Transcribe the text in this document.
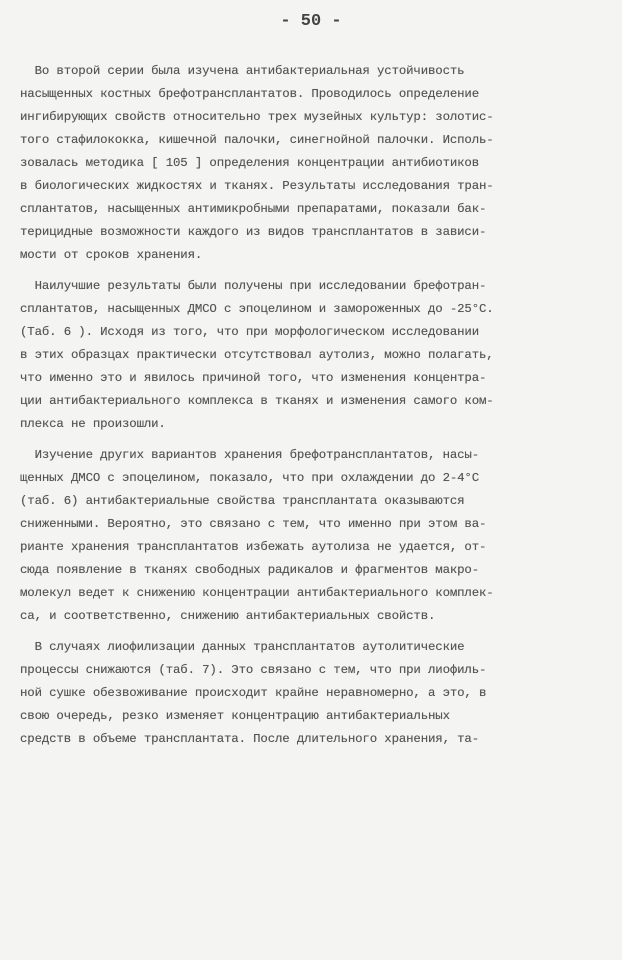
- 50 -
Во второй серии была изучена антибактериальная устойчивость
насыщенных костных брефотрансплантатов. Проводилось определение
ингибирующих свойств относительно трех музейных культур: золотис-
того стафилококка, кишечной палочки, синегнойной палочки. Исполь-
зовалась методика [ 105 ] определения концентрации антибиотиков
в биологических жидкостях и тканях. Результаты исследования тран-
сплантатов, насыщенных антимикробными препаратами, показали бак-
терицидные возможности каждого из видов трансплантатов в зависи-
мости от сроков хранения.
Наилучшие результаты были получены при исследовании брефотран-
сплантатов, насыщенных ДМСО с эпоцелином и замороженных до -25°С.
(Таб. 6 ). Исходя из того, что при морфологическом исследовании
в этих образцах практически отсутствовал аутолиз, можно полагать,
что именно это и явилось причиной того, что изменения концентра-
ции антибактериального комплекса в тканях и изменения самого ком-
плекса не произошли.
Изучение других вариантов хранения брефотрансплантатов, насы-
щенных ДМСО с эпоцелином, показало, что при охлаждении до 2-4°С
(таб. 6) антибактериальные свойства трансплантата оказываются
сниженными. Вероятно, это связано с тем, что именно при этом ва-
рианте хранения трансплантатов избежать аутолиза не удается, от-
сюда появление в тканях свободных радикалов и фрагментов макро-
молекул ведет к снижению концентрации антибактериального комплек-
са, и соответственно, снижению антибактериальных свойств.
В случаях лиофилизации данных трансплантатов аутолитические
процессы снижаются (таб. 7). Это связано с тем, что при лиофиль-
ной сушке обезвоживание происходит крайне неравномерно, а это, в
свою очередь, резко изменяет концентрацию антибактериальных
средств в объеме трансплантата. После длительного хранения, та-
